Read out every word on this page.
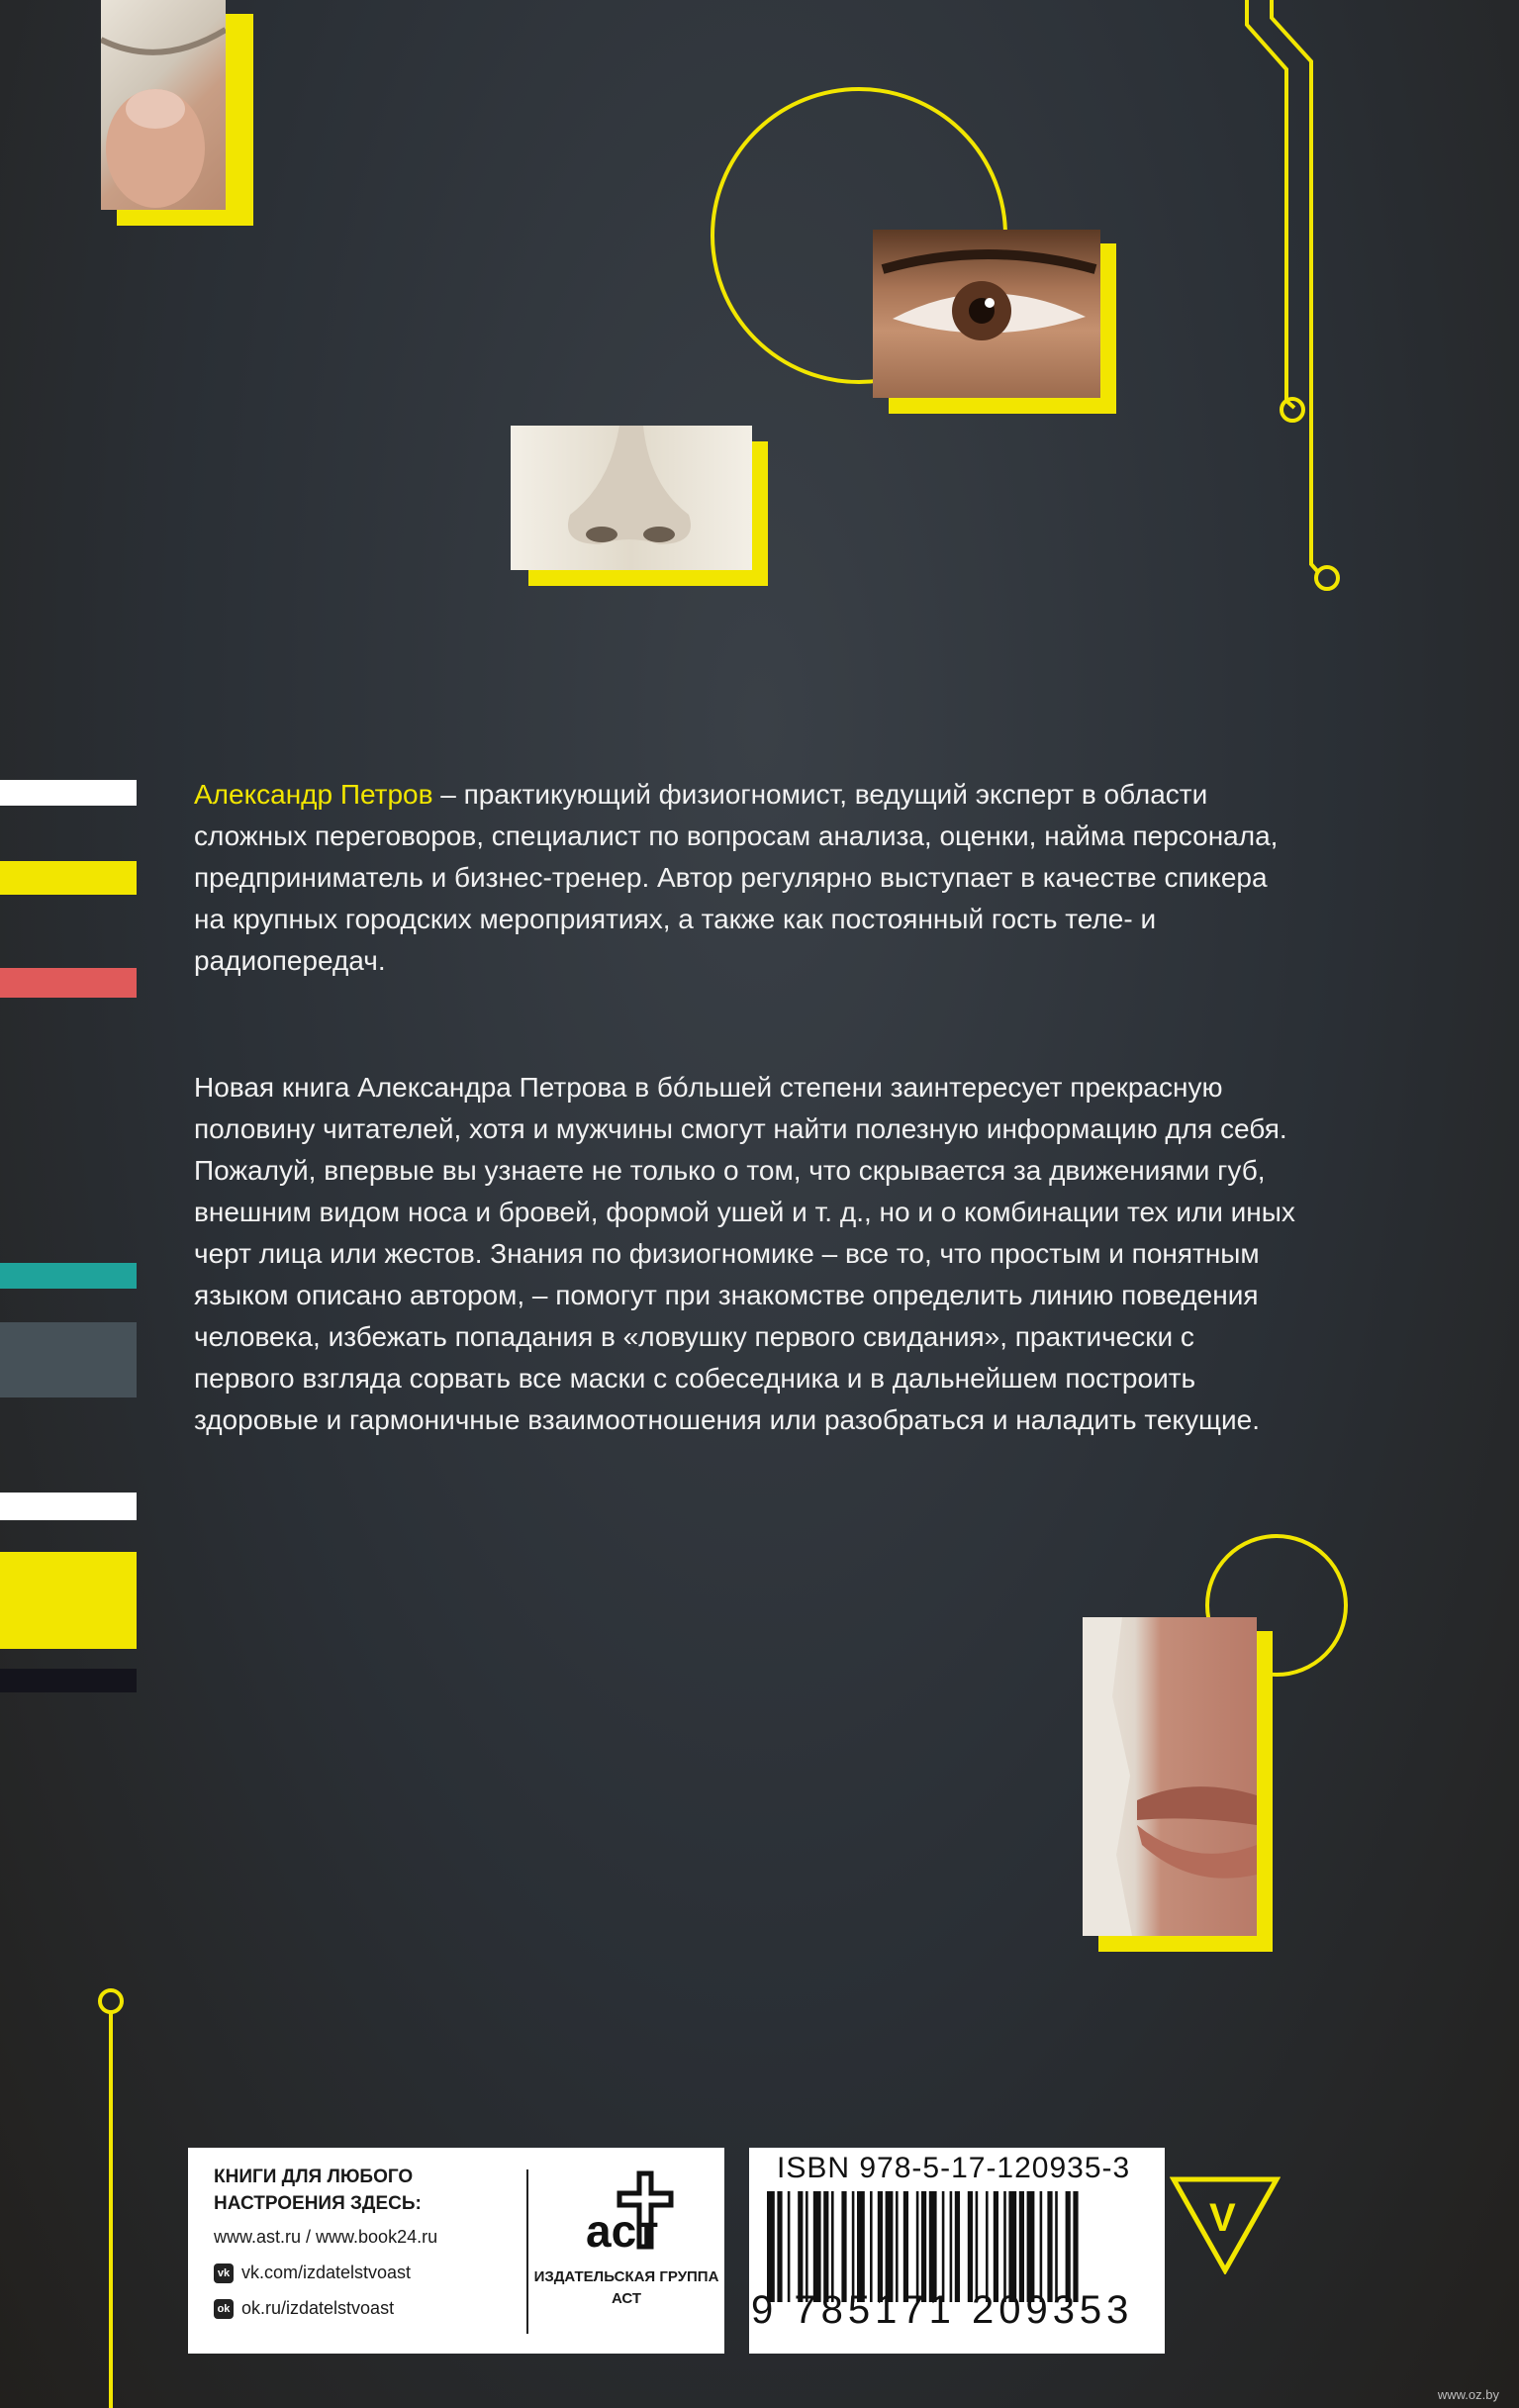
Александр Петров – практикующий физиогномист, ведущий эксперт в области сложных переговоров, специалист по вопросам анализа, оценки, найма персонала, предприниматель и бизнес-тренер. Автор регулярно выступает в качестве спикера на крупных городских мероприятиях, а также как постоянный гость теле- и радиопередач.
Новая книга Александра Петрова в бóльшей степени заинтересует прекрасную половину читателей, хотя и мужчины смогут найти полезную информацию для себя. Пожалуй, впервые вы узнаете не только о том, что скрывается за движениями губ, внешним видом носа и бровей, формой ушей и т. д., но и о комбинации тех или иных черт лица или жестов. Знания по физиогномике – все то, что простым и понятным языком описано автором, – помогут при знакомстве определить линию поведения человека, избежать попадания в «ловушку первого свидания», практически с первого взгляда сорвать все маски с собеседника и в дальнейшем построить здоровые и гармоничные взаимоотношения или разобраться и наладить текущие.
КНИГИ ДЛЯ ЛЮБОГО НАСТРОЕНИЯ ЗДЕСЬ:
www.ast.ru / www.book24.ru
vk vk.com/izdatelstvoast
ok ok.ru/izdatelstvoast
аст
ИЗДАТЕЛЬСКАЯ ГРУППА АСТ
ISBN 978-5-17-120935-3
9 785171 209353
V
www.oz.by
